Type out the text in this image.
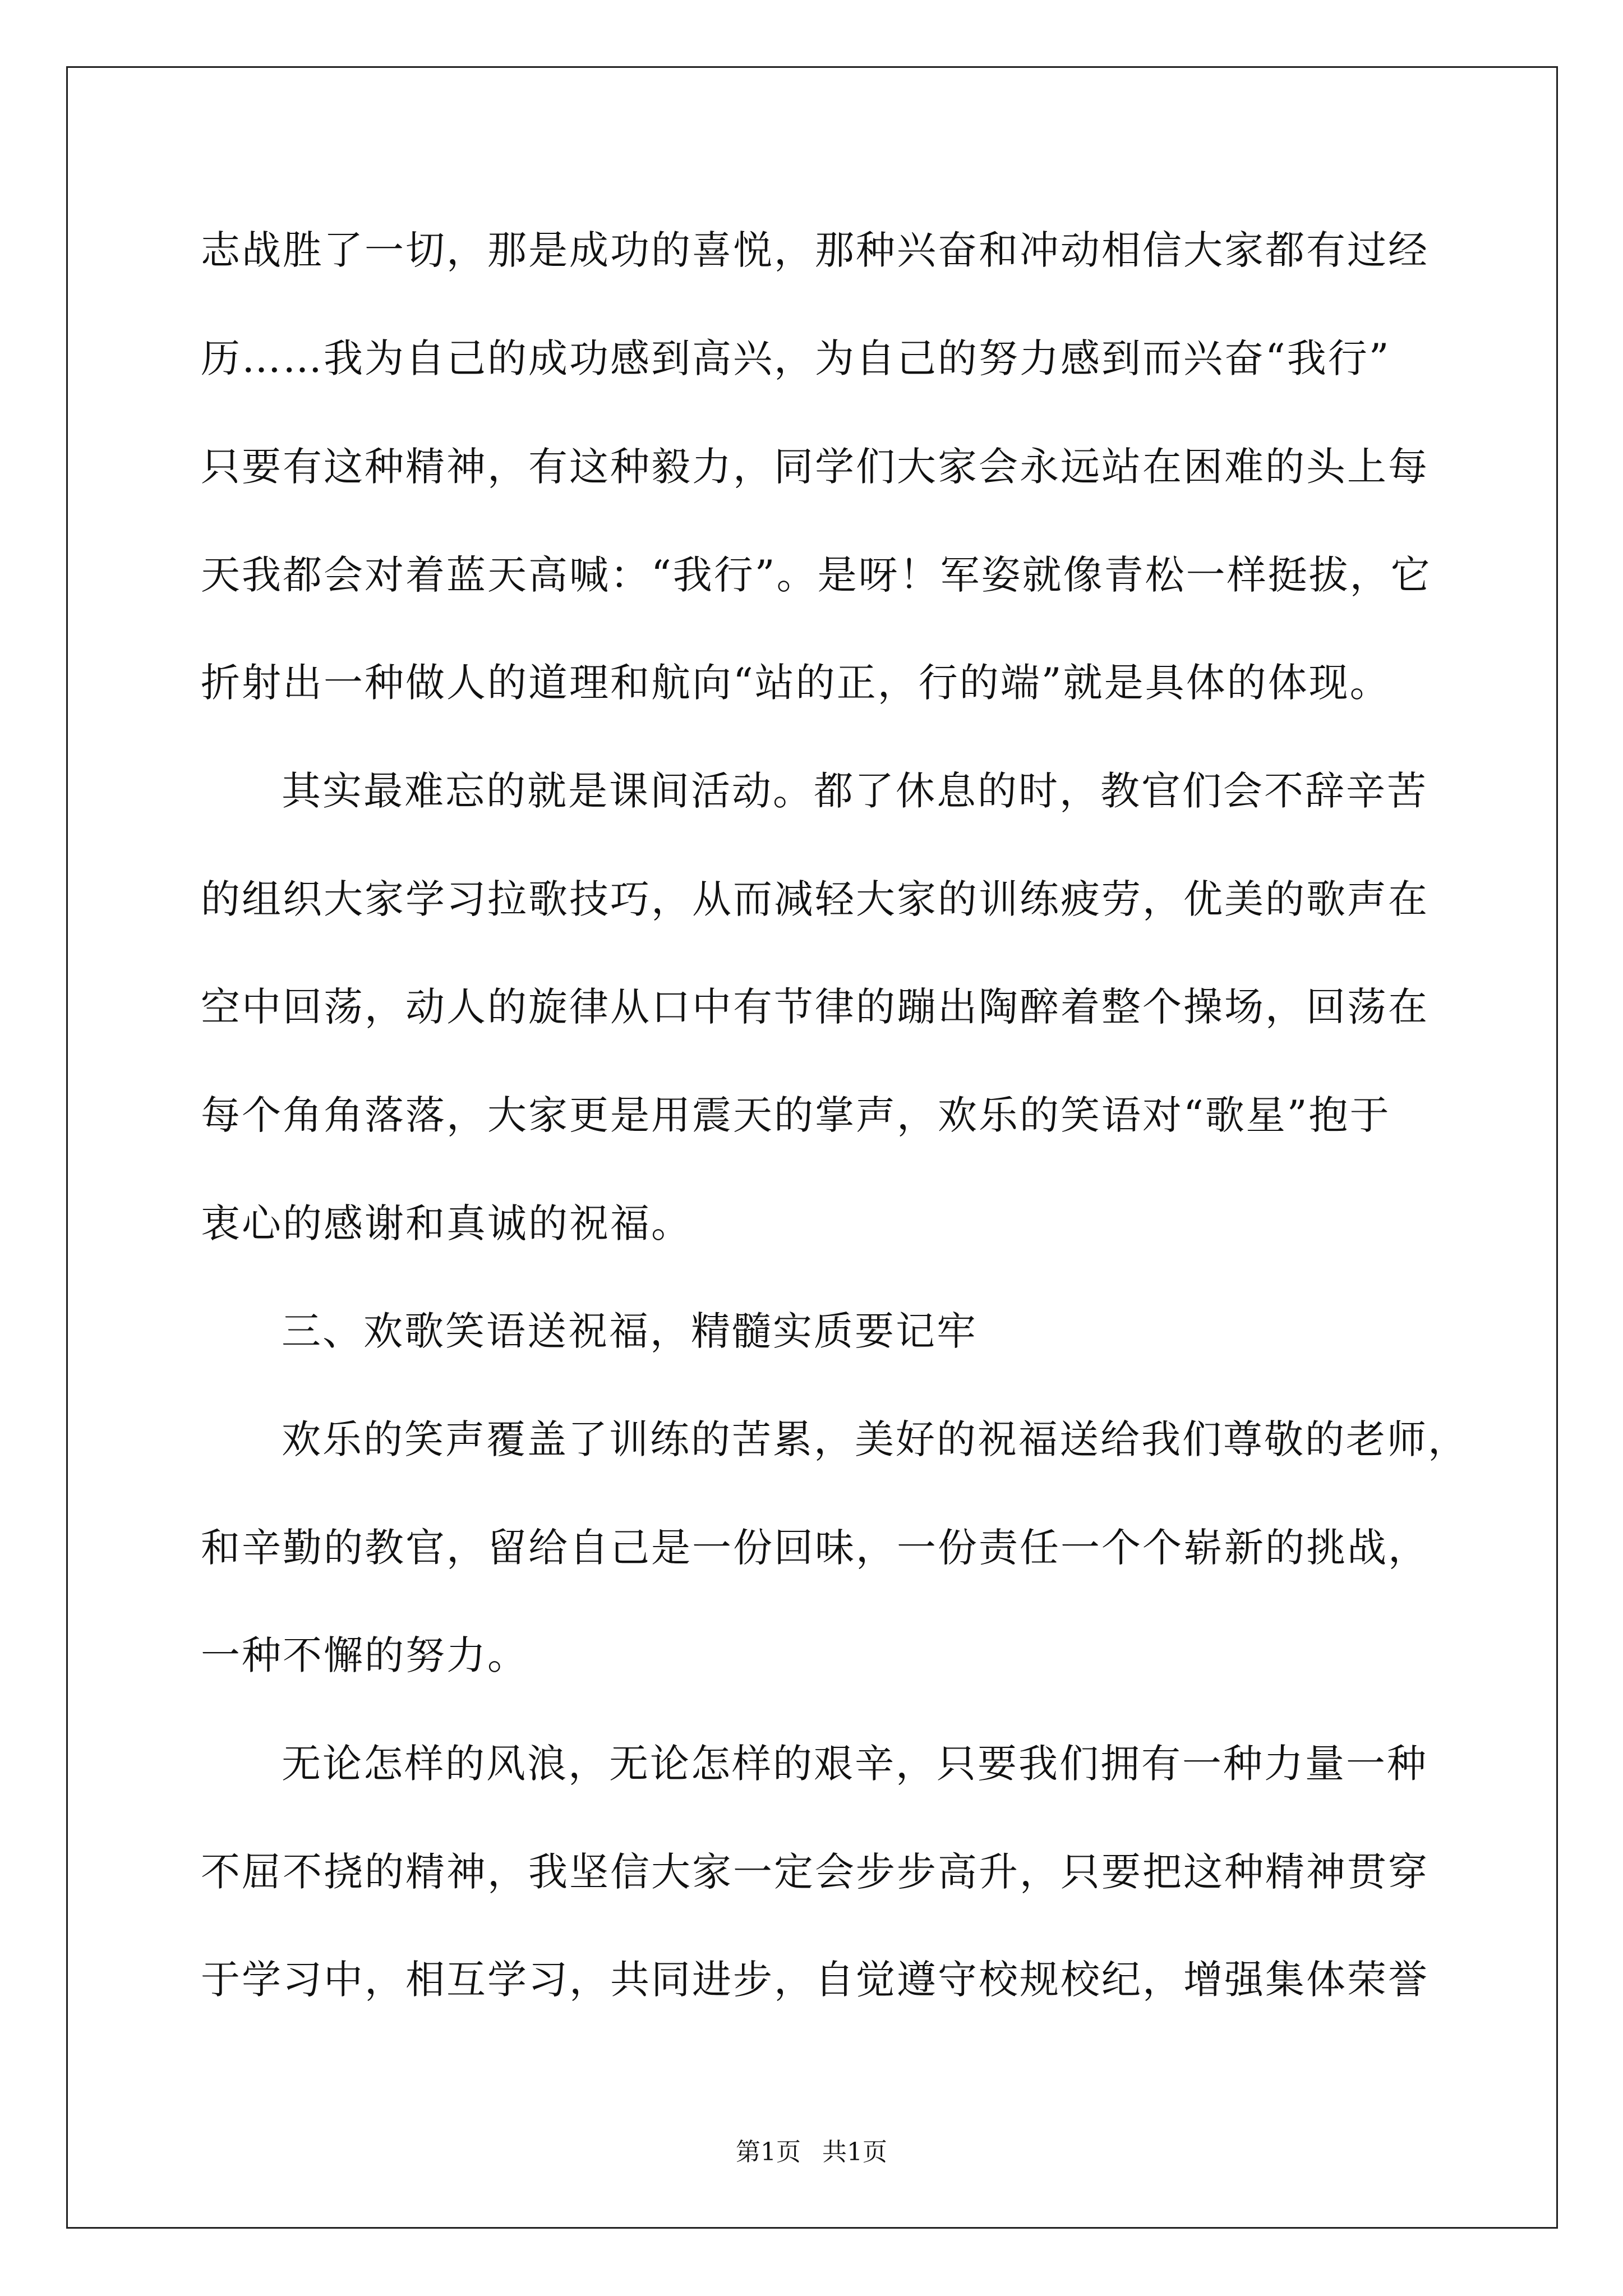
志战胜了一切，那是成功的喜悦，那种兴奋和冲动相信大家都有过经
历……我为自己的成功感到高兴，为自己的努力感到而兴奋“我行”
只要有这种精神，有这种毅力，同学们大家会永远站在困难的头上每
天我都会对着蓝天高喊：“我行”。是呀！军姿就像青松一样挺拔，它
折射出一种做人的道理和航向“站的正，行的端”就是具体的体现。
其实最难忘的就是课间活动。都了休息的时，教官们会不辞辛苦
的组织大家学习拉歌技巧，从而减轻大家的训练疲劳，优美的歌声在
空中回荡，动人的旋律从口中有节律的蹦出陶醉着整个操场，回荡在
每个角角落落，大家更是用震天的掌声，欢乐的笑语对“歌星”抱于
衷心的感谢和真诚的祝福。
三、欢歌笑语送祝福，精髓实质要记牢
欢乐的笑声覆盖了训练的苦累，美好的祝福送给我们尊敬的老师，
和辛勤的教官，留给自己是一份回味，一份责任一个个崭新的挑战，
一种不懈的努力。
无论怎样的风浪，无论怎样的艰辛，只要我们拥有一种力量一种
不屈不挠的精神，我坚信大家一定会步步高升，只要把这种精神贯穿
于学习中，相互学习，共同进步，自觉遵守校规校纪，增强集体荣誉
第1页 共1页
